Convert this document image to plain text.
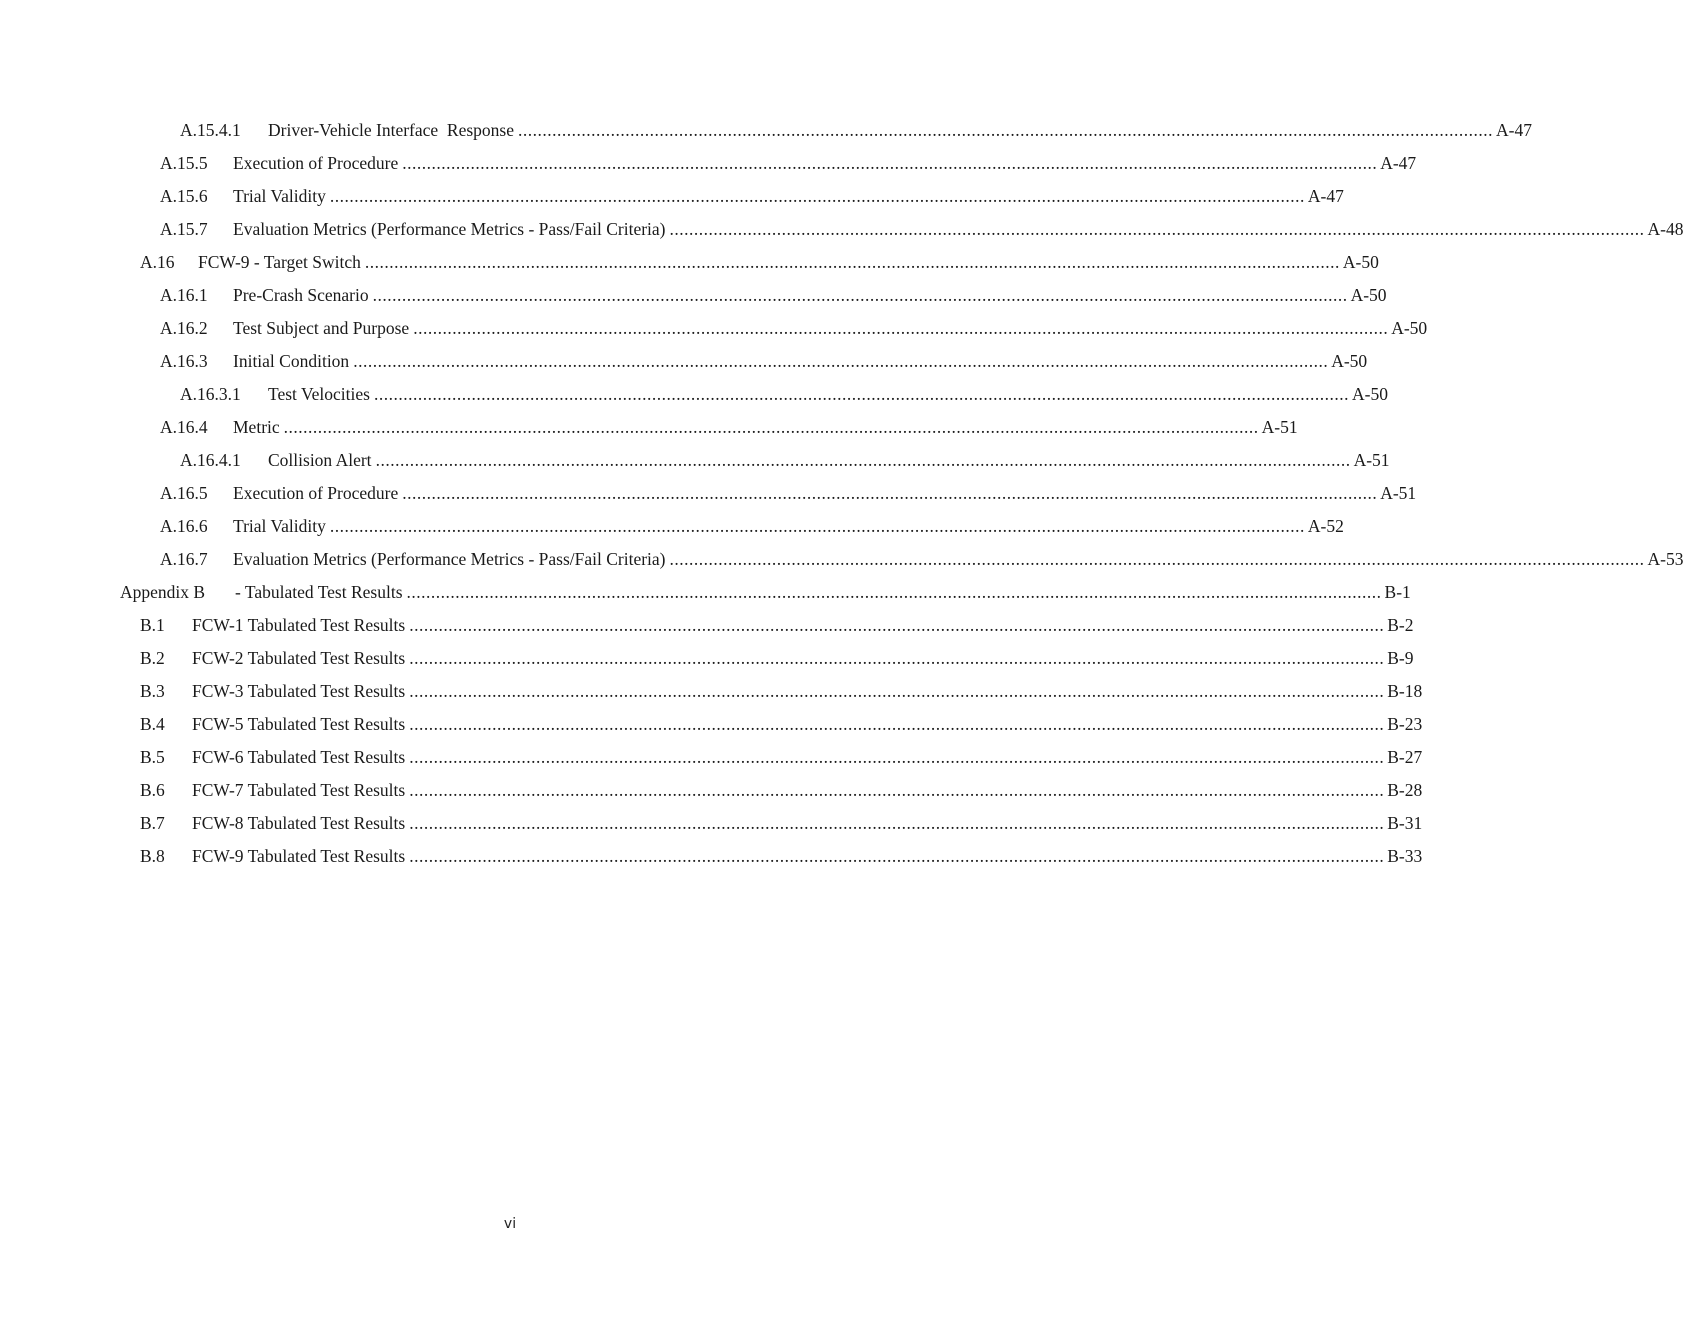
A.15.4.1 Driver-Vehicle Interface  Response ........................................................................................................................................................................................................ A-47
A.15.5 Execution of Procedure ........................................................................................................................................................................................................ A-47
A.15.6 Trial Validity ........................................................................................................................................................................................................ A-47
A.15.7 Evaluation Metrics (Performance Metrics - Pass/Fail Criteria) ........................................................................................................................................................................................................ A-48
A.16 FCW-9 - Target Switch ........................................................................................................................................................................................................ A-50
A.16.1 Pre-Crash Scenario ........................................................................................................................................................................................................ A-50
A.16.2 Test Subject and Purpose ........................................................................................................................................................................................................ A-50
A.16.3 Initial Condition ........................................................................................................................................................................................................ A-50
A.16.3.1 Test Velocities ........................................................................................................................................................................................................ A-50
A.16.4 Metric ........................................................................................................................................................................................................ A-51
A.16.4.1 Collision Alert ........................................................................................................................................................................................................ A-51
A.16.5 Execution of Procedure ........................................................................................................................................................................................................ A-51
A.16.6 Trial Validity ........................................................................................................................................................................................................ A-52
A.16.7 Evaluation Metrics (Performance Metrics - Pass/Fail Criteria) ........................................................................................................................................................................................................ A-53
Appendix B - Tabulated Test Results ........................................................................................................................................................................................................ B-1
B.1 FCW-1 Tabulated Test Results ........................................................................................................................................................................................................ B-2
B.2 FCW-2 Tabulated Test Results ........................................................................................................................................................................................................ B-9
B.3 FCW-3 Tabulated Test Results ........................................................................................................................................................................................................ B-18
B.4 FCW-5 Tabulated Test Results ........................................................................................................................................................................................................ B-23
B.5 FCW-6 Tabulated Test Results ........................................................................................................................................................................................................ B-27
B.6 FCW-7 Tabulated Test Results ........................................................................................................................................................................................................ B-28
B.7 FCW-8 Tabulated Test Results ........................................................................................................................................................................................................ B-31
B.8 FCW-9 Tabulated Test Results ........................................................................................................................................................................................................ B-33
vi
